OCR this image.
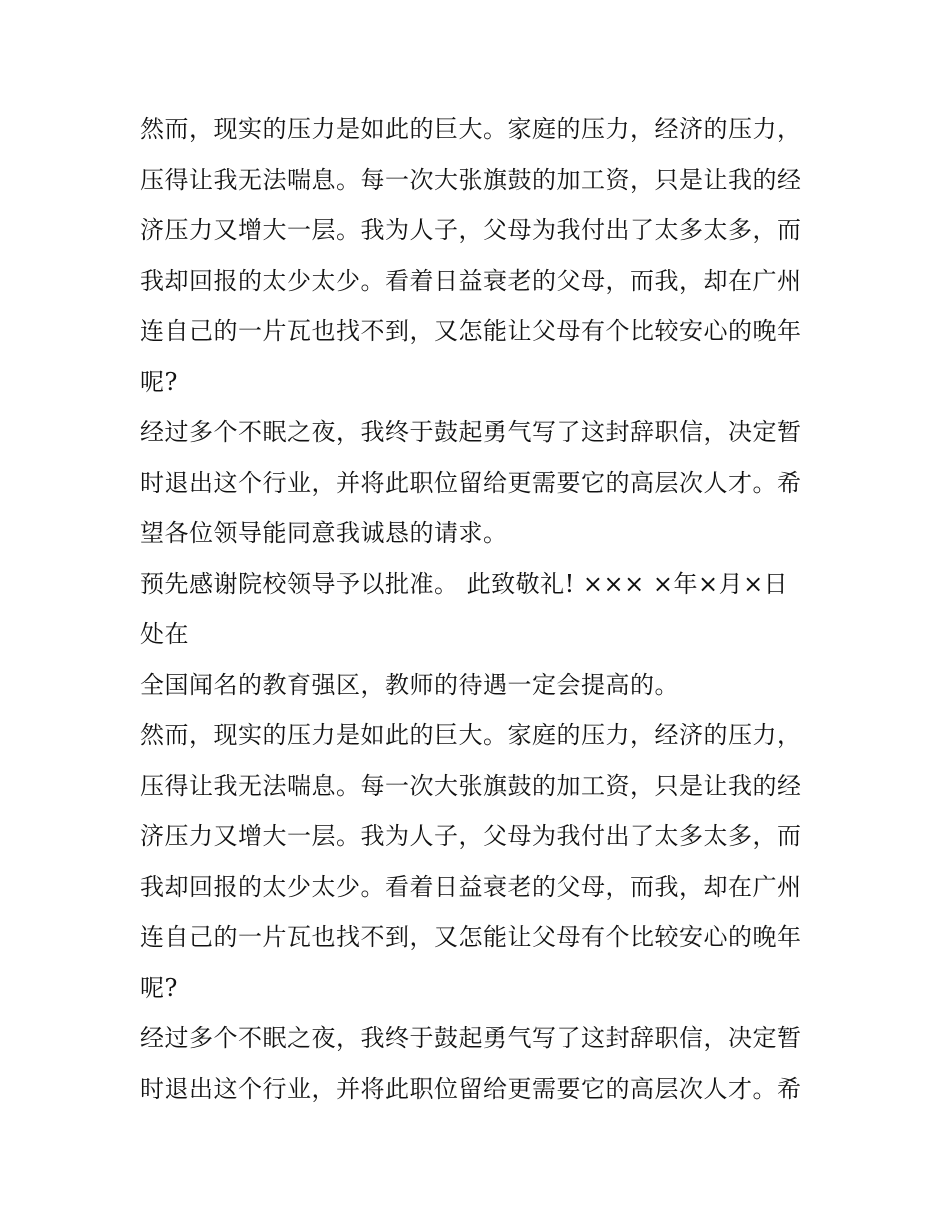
然而，现实的压力是如此的巨大。家庭的压力，经济的压力，
压得让我无法喘息。每一次大张旗鼓的加工资，只是让我的经
济压力又增大一层。我为人子，父母为我付出了太多太多，而
我却回报的太少太少。看着日益衰老的父母，而我，却在广州
连自己的一片瓦也找不到，又怎能让父母有个比较安心的晚年
呢?

经过多个不眠之夜，我终于鼓起勇气写了这封辞职信，决定暂
时退出这个行业，并将此职位留给更需要它的高层次人才。希
望各位领导能同意我诚恳的请求。

预先感谢院校领导予以批准。 此致敬礼! ××× ×年×月×日 处在
全国闻名的教育强区，教师的待遇一定会提高的。

然而，现实的压力是如此的巨大。家庭的压力，经济的压力，
压得让我无法喘息。每一次大张旗鼓的加工资，只是让我的经
济压力又增大一层。我为人子，父母为我付出了太多太多，而
我却回报的太少太少。看着日益衰老的父母，而我，却在广州
连自己的一片瓦也找不到，又怎能让父母有个比较安心的晚年
呢?

经过多个不眠之夜，我终于鼓起勇气写了这封辞职信，决定暂
时退出这个行业，并将此职位留给更需要它的高层次人才。希
